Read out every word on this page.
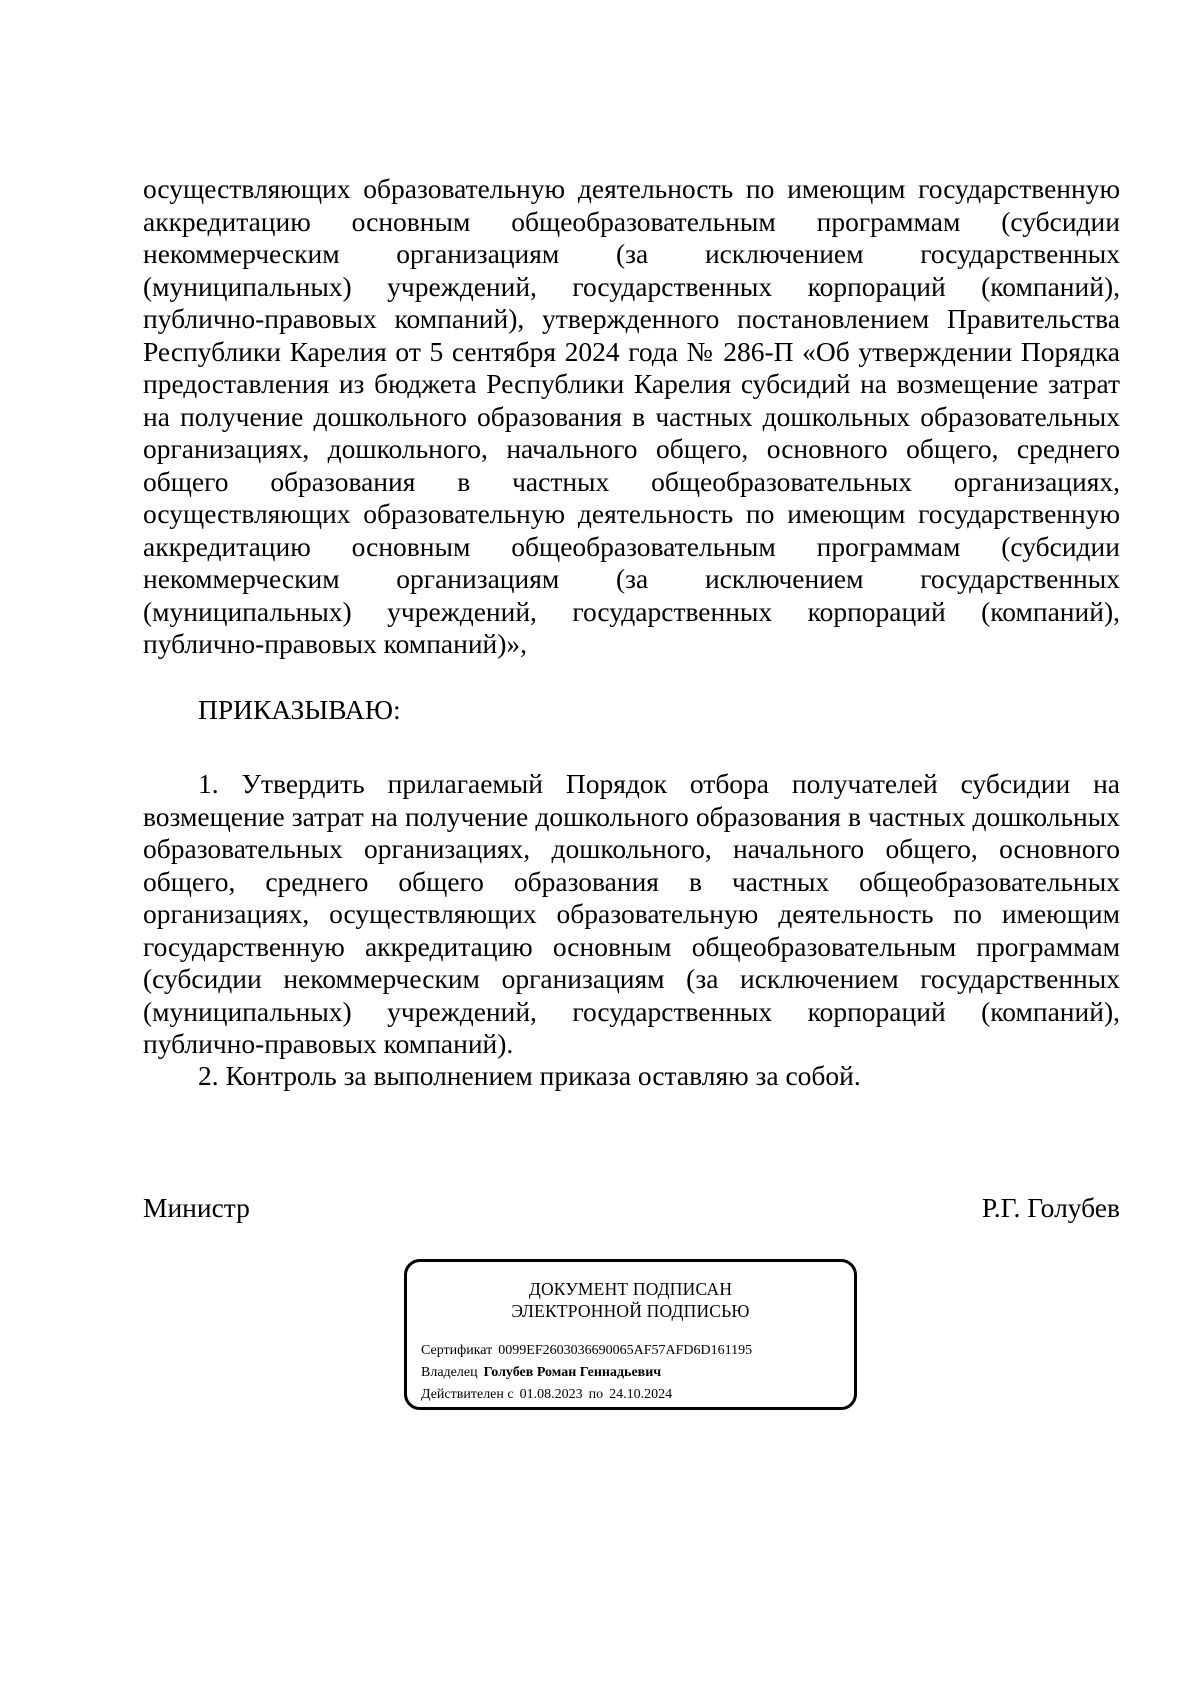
осуществляющих образовательную деятельность по имеющим государственную аккредитацию основным общеобразовательным программам (субсидии некоммерческим организациям (за исключением государственных (муниципальных) учреждений, государственных корпораций (компаний), публично-правовых компаний), утвержденного постановлением Правительства Республики Карелия от 5 сентября 2024 года № 286-П «Об утверждении Порядка предоставления из бюджета Республики Карелия субсидий на возмещение затрат на получение дошкольного образования в частных дошкольных образовательных организациях, дошкольного, начального общего, основного общего, среднего общего образования в частных общеобразовательных организациях, осуществляющих образовательную деятельность по имеющим государственную аккредитацию основным общеобразовательным программам (субсидии некоммерческим организациям (за исключением государственных (муниципальных) учреждений, государственных корпораций (компаний), публично-правовых компаний)»,

ПРИКАЗЫВАЮ:

1. Утвердить прилагаемый Порядок отбора получателей субсидии на возмещение затрат на получение дошкольного образования в частных дошкольных образовательных организациях, дошкольного, начального общего, основного общего, среднего общего образования в частных общеобразовательных организациях, осуществляющих образовательную деятельность по имеющим государственную аккредитацию основным общеобразовательным программам (субсидии некоммерческим организациям (за исключением государственных (муниципальных) учреждений, государственных корпораций (компаний), публично-правовых компаний).

2. Контроль за выполнением приказа оставляю за собой.

Министр	Р.Г. Голубев
ДОКУМЕНТ ПОДПИСАН
ЭЛЕКТРОННОЙ ПОДПИСЬЮ
Сертификат 0099EF2603036690065AF57AFD6D161195
Владелец Голубев Роман Геннадьевич
Действителен с 01.08.2023 по 24.10.2024
